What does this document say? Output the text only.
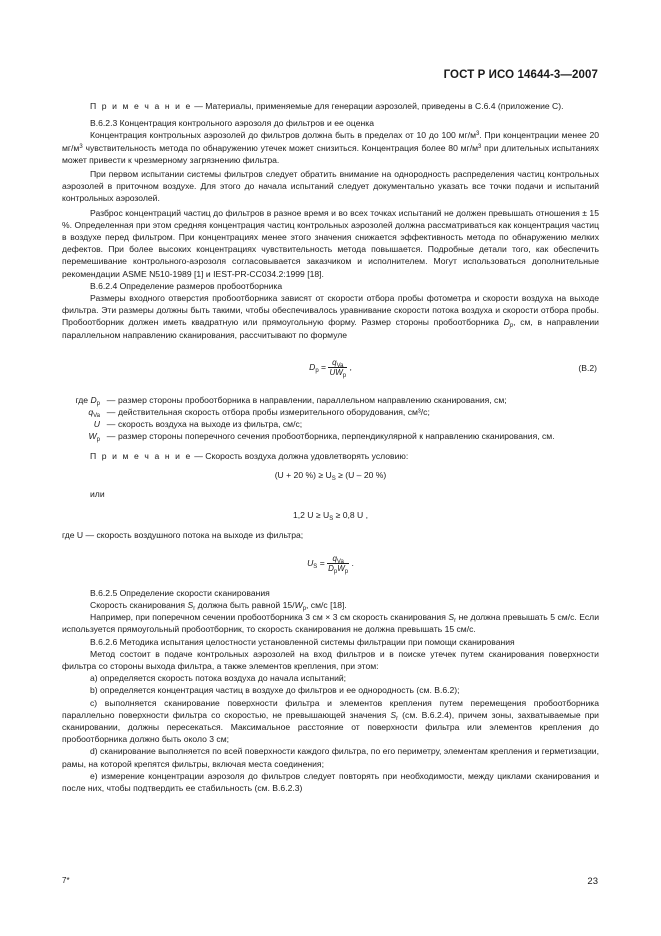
ГОСТ Р ИСО 14644-3—2007

П р и м е ч а н и е — Материалы, применяемые для генерации аэрозолей, приведены в С.6.4 (приложение С).

В.6.2.3 Концентрация контрольного аэрозоля до фильтров и ее оценка

Концентрация контрольных аэрозолей до фильтров должна быть в пределах от 10 до 100 $мг/м^3$. При концентрации менее 20 $мг/м^3$ чувствительность метода по обнаружению утечек может снизиться. Концентрация более 80 $мг/м^3$ при длительных испытаниях может привести к чрезмерному загрязнению фильтра.

При первом испытании системы фильтров следует обратить внимание на однородность распределения частиц контрольных аэрозолей в приточном воздухе. Для этого до начала испытаний следует документально указать все точки подачи и испытаний контрольных аэрозолей.

Разброс концентраций частиц до фильтров в разное время и во всех точках испытаний не должен превышать отношения ± 15 %. Определенная при этом средняя концентрация частиц контрольных аэрозолей должна рассматриваться как концентрация частиц в воздухе перед фильтром. При концентрациях менее этого значения снижается эффективность метода по обнаружению мелких дефектов. При более высоких концентрациях чувствительность метода повышается. Подробные детали того, как обеспечить перемешивание контрольного-аэрозоля согласовывается заказчиком и исполнителем. Могут использоваться дополнительные рекомендации ASME N510-1989 [1] и IEST-PR-CC034.2:1999 [18].

В.6.2.4 Определение размеров пробоотборника

Размеры входного отверстия пробоотборника зависят от скорости отбора пробы фотометра и скорости воздуха на выходе фильтра. Эти размеры должны быть такими, чтобы обеспечивалось уравнивание скорости потока воздуха и скорости отбора пробы. Пробоотборник должен иметь квадратную или прямоугольную форму. Размер стороны пробоотборника $D_p$, см, в направлении параллельном направлению сканирования, рассчитывают по формуле

$D_p = \frac{q_{Va}}{UW_p}$ ,	(В.2)
где $D_p$ — размер стороны пробоотборника в направлении, параллельном направлению сканирования, см;
$q_{Va}$ — действительная скорость отбора пробы измерительного оборудования, см³/с;
U — скорость воздуха на выходе из фильтра, см/с;
$W_p$ — размер стороны поперечного сечения пробоотборника, перпендикулярной к направлению сканирования, см.

П р и м е ч а н и е — Скорость воздуха должна удовлетворять условию:

(U + 20 %) ≥ $U_S \ge (U - 20$ %)

или

1,2 $U \ge U_S \ge 0,8$ U ,

где U — скорость воздушного потока на выходе из фильтра;

$U_S = \frac{q_{Va}}{D_pW_p}$ .

В.6.2.5 Определение скорости сканирования

Скорость сканирования $S_r$ должна быть равной $15/W_p$, см/с [18].

Например, при поперечном сечении пробоотборника 3 см × 3 см скорость сканирования $S_r$ не должна превышать 5 см/с. Если используется прямоугольный пробоотборник, то скорость сканирования не должна превышать 15 см/с.

В.6.2.6 Методика испытания целостности установленной системы фильтрации при помощи сканирования

Метод состоит в подаче контрольных аэрозолей на вход фильтров и в поиске утечек путем сканирования поверхности фильтра со стороны выхода фильтра, а также элементов крепления, при этом:

а) определяется скорость потока воздуха до начала испытаний;

b) определяется концентрация частиц в воздухе до фильтров и ее однородность (см. В.6.2);

с) выполняется сканирование поверхности фильтра и элементов крепления путем перемещения пробоотборника параллельно поверхности фильтра со скоростью, не превышающей значения $S_r$ (см. В.6.2.4), причем зоны, захватываемые при сканировании, должны пересекаться. Максимальное расстояние от поверхности фильтра или элементов крепления до пробоотборника должно быть около 3 см;

d) сканирование выполняется по всей поверхности каждого фильтра, по его периметру, элементам крепления и герметизации, рамы, на которой крепятся фильтры, включая места соединения;

е) измерение концентрации аэрозоля до фильтров следует повторять при необходимости, между циклами сканирования и после них, чтобы подтвердить ее стабильность (см. В.6.2.3)

7*	23
